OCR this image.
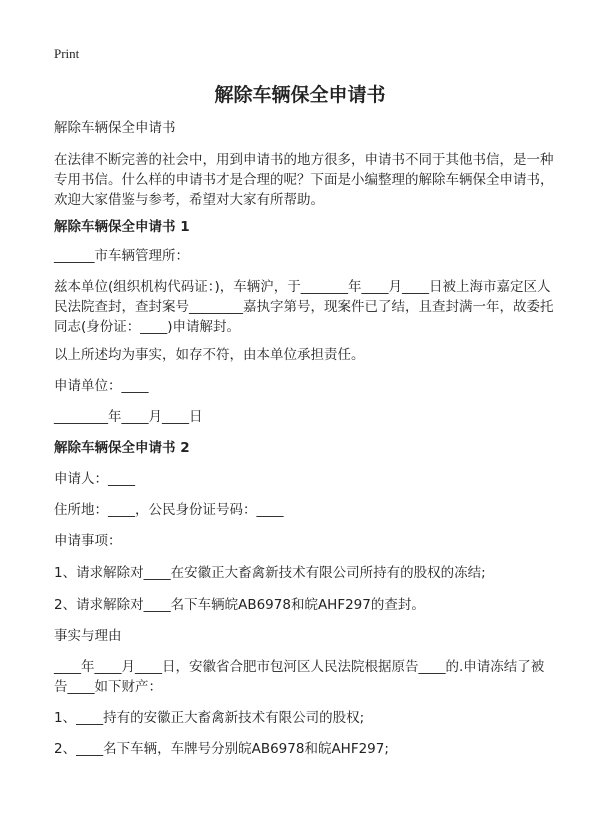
Print
解除车辆保全申请书
解除车辆保全申请书
在法律不断完善的社会中，用到申请书的地方很多，申请书不同于其他书信，是一种专用书信。什么样的申请书才是合理的呢？下面是小编整理的解除车辆保全申请书，欢迎大家借鉴与参考，希望对大家有所帮助。
解除车辆保全申请书 1
______市车辆管理所：
兹本单位(组织机构代码证：)，车辆沪，于_______年____月____日被上海市嘉定区人民法院查封，查封案号________嘉执字第号，现案件已了结，且查封满一年，故委托同志(身份证：____)申请解封。
以上所述均为事实，如存不符，由本单位承担责任。
申请单位：____
________年____月____日
解除车辆保全申请书 2
申请人：____
住所地：____，公民身份证号码：____
申请事项：
1、请求解除对____在安徽正大畜禽新技术有限公司所持有的股权的冻结;
2、请求解除对____名下车辆皖AB6978和皖AHF297的查封。
事实与理由
____年____月____日，安徽省合肥市包河区人民法院根据原告____的.申请冻结了被告____如下财产：
1、____持有的安徽正大畜禽新技术有限公司的股权;
2、____名下车辆，车牌号分别皖AB6978和皖AHF297;
